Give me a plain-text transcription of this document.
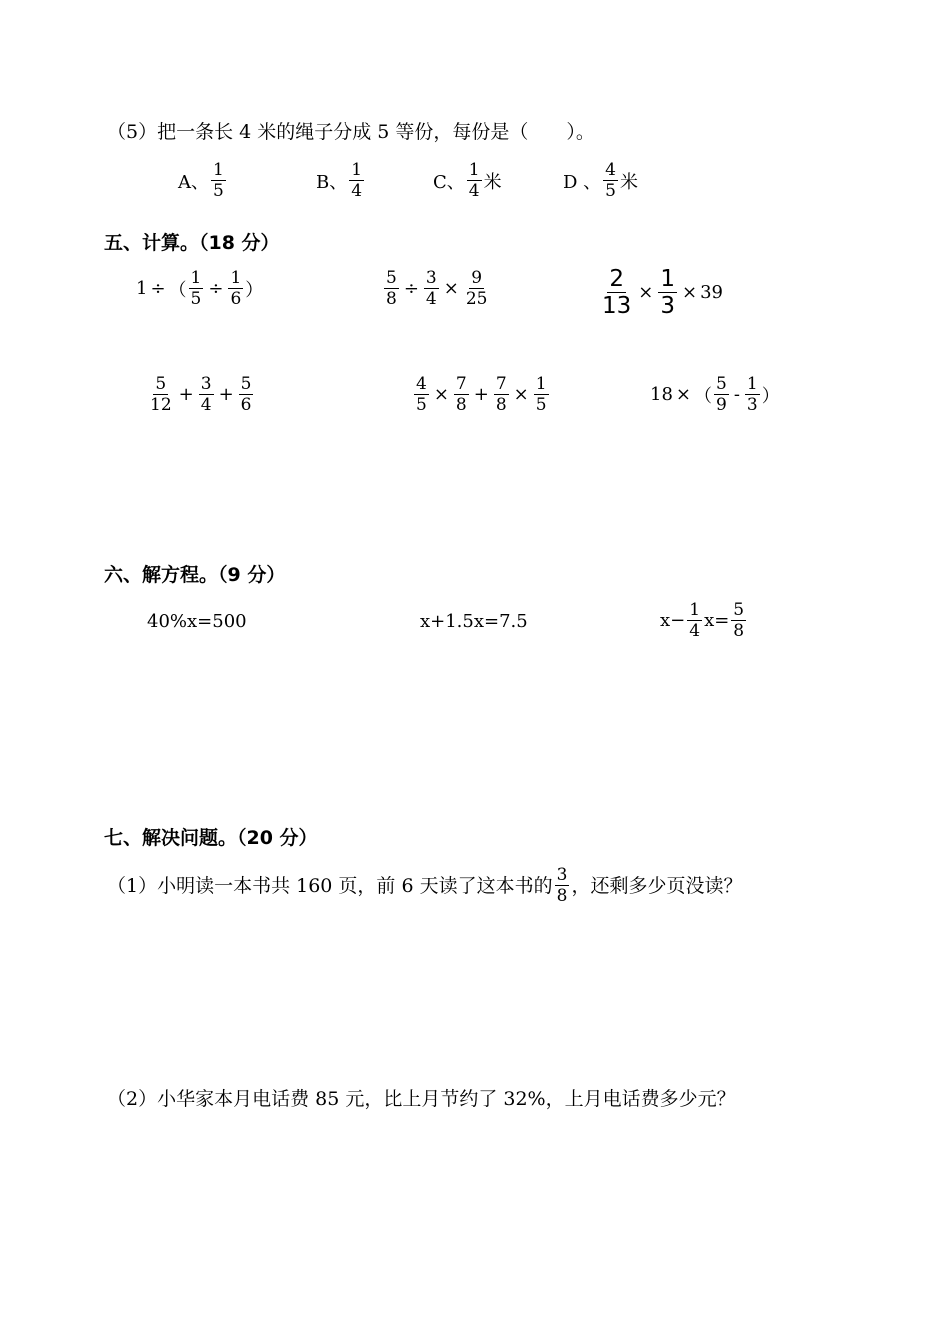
（5）把一条长 4 米的绳子分成 5 等份，每份是（　　）。
A、 $\frac{1}{5}$	B、 $\frac{1}{4}$	C、 $\frac{1}{4}$ 米	D 、 $\frac{4}{5}$ 米
五、计算。（18 分）
1 ÷ （ $\frac{1}{5} \div \frac{1}{6}$ ）	$\frac{5}{8} \div \frac{3}{4} \times \frac{9}{25}$	$\frac{2}{13} \times \frac{1}{3} \times 39$
$\frac{5}{12} + \frac{3}{4} + \frac{5}{6}$	$\frac{4}{5} \times \frac{7}{8} + \frac{7}{8} \times \frac{1}{5}$	18 × （ $\frac{5}{9} - \frac{1}{3}$ ）
六、解方程。（9 分）
40%x=500	x+1.5x=7.5	$x- \frac{1}{4} x= \frac{5}{8}$
七、解决问题。（20 分）
（1）小明读一本书共 160 页，前 6 天读了这本书的 $\frac{3}{8}$ ，还剩多少页没读？
（2）小华家本月电话费 85 元，比上月节约了 32%，上月电话费多少元？
